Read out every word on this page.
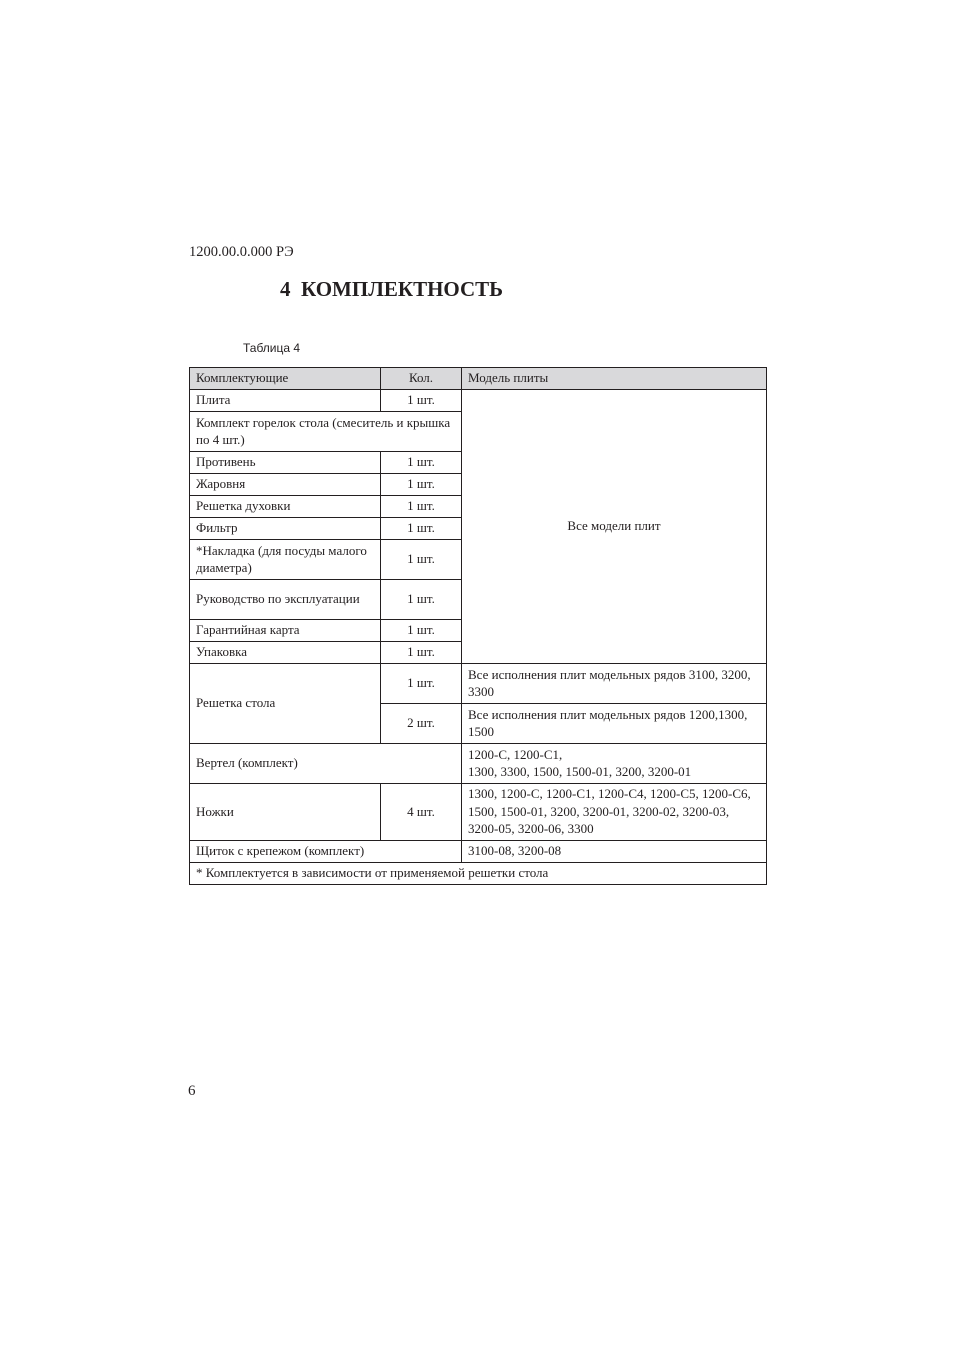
1200.00.0.000 РЭ
4  КОМПЛЕКТНОСТЬ
Таблица 4
Комплектующие	Кол.	Модель плиты
Плита	1 шт.	Все модели плит
Комплект горелок стола (смеситель и крышка по 4 шт.)		
Противень	1 шт.	
Жаровня	1 шт.	
Решетка духовки	1 шт.	
Фильтр	1 шт.	
*Накладка (для посуды малого диаметра)	1 шт.	
Руководство по эксплуатации	1 шт.	
Гарантийная карта	1 шт.	
Упаковка	1 шт.	
Решетка стола	1 шт.	Все исполнения плит модельных рядов 3100, 3200, 3300
	2 шт.	Все исполнения плит модельных рядов 1200,1300, 1500
Вертел (комплект)		1200-С, 1200-С1,
1300, 3300, 1500, 1500-01, 3200, 3200-01

Ножки	4 шт.	1300, 1200-С, 1200-С1, 1200-С4, 1200-С5, 1200-С6, 1500, 1500-01, 3200, 3200-01, 3200-02, 3200-03, 3200-05, 3200-06, 3300
Щиток с крепежом (комплект)		3100-08, 3200-08
* Комплектуется в зависимости от применяемой решетки стола		
6
